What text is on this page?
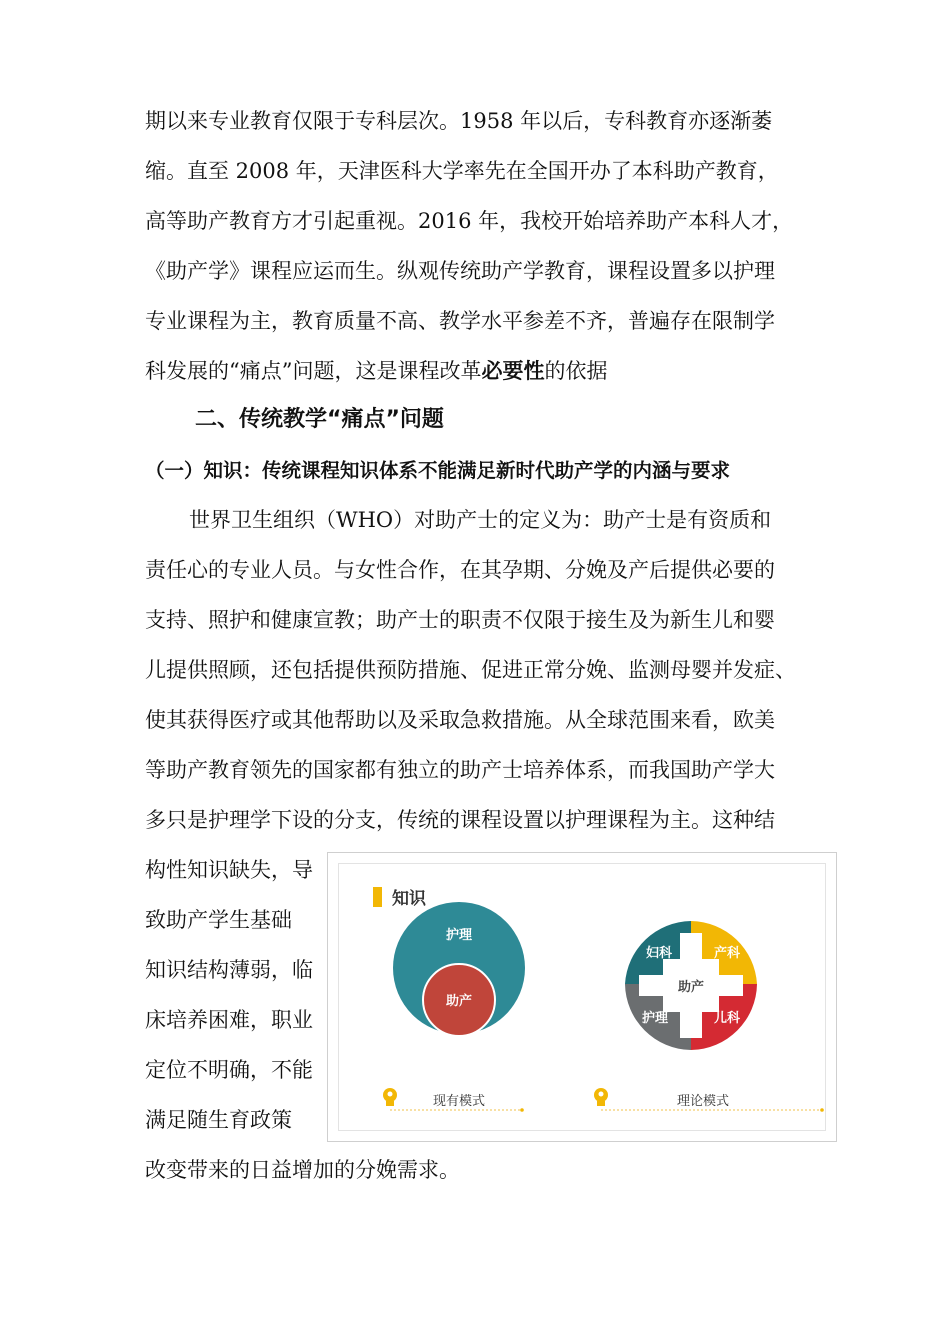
期以来专业教育仅限于专科层次。1958 年以后，专科教育亦逐渐萎
缩。直至 2008 年，天津医科大学率先在全国开办了本科助产教育，
高等助产教育方才引起重视。2016 年，我校开始培养助产本科人才，
《助产学》课程应运而生。纵观传统助产学教育，课程设置多以护理
专业课程为主，教育质量不高、教学水平参差不齐，普遍存在限制学
科发展的“痛点”问题，这是课程改革必要性的依据
二、传统教学“痛点”问题
（一）知识：传统课程知识体系不能满足新时代助产学的内涵与要求
世界卫生组织（WHO）对助产士的定义为：助产士是有资质和
责任心的专业人员。与女性合作，在其孕期、分娩及产后提供必要的
支持、照护和健康宣教；助产士的职责不仅限于接生及为新生儿和婴
儿提供照顾，还包括提供预防措施、促进正常分娩、监测母婴并发症、
使其获得医疗或其他帮助以及采取急救措施。从全球范围来看，欧美
等助产教育领先的国家都有独立的助产士培养体系，而我国助产学大
多只是护理学下设的分支，传统的课程设置以护理课程为主。这种结
构性知识缺失，导
致助产学生基础
知识结构薄弱，临
床培养困难，职业
定位不明确，不能
满足随生育政策
改变带来的日益增加的分娩需求。
知识
护理
助产
助产
妇科	产科
护理	儿科
现有模式	理论模式
